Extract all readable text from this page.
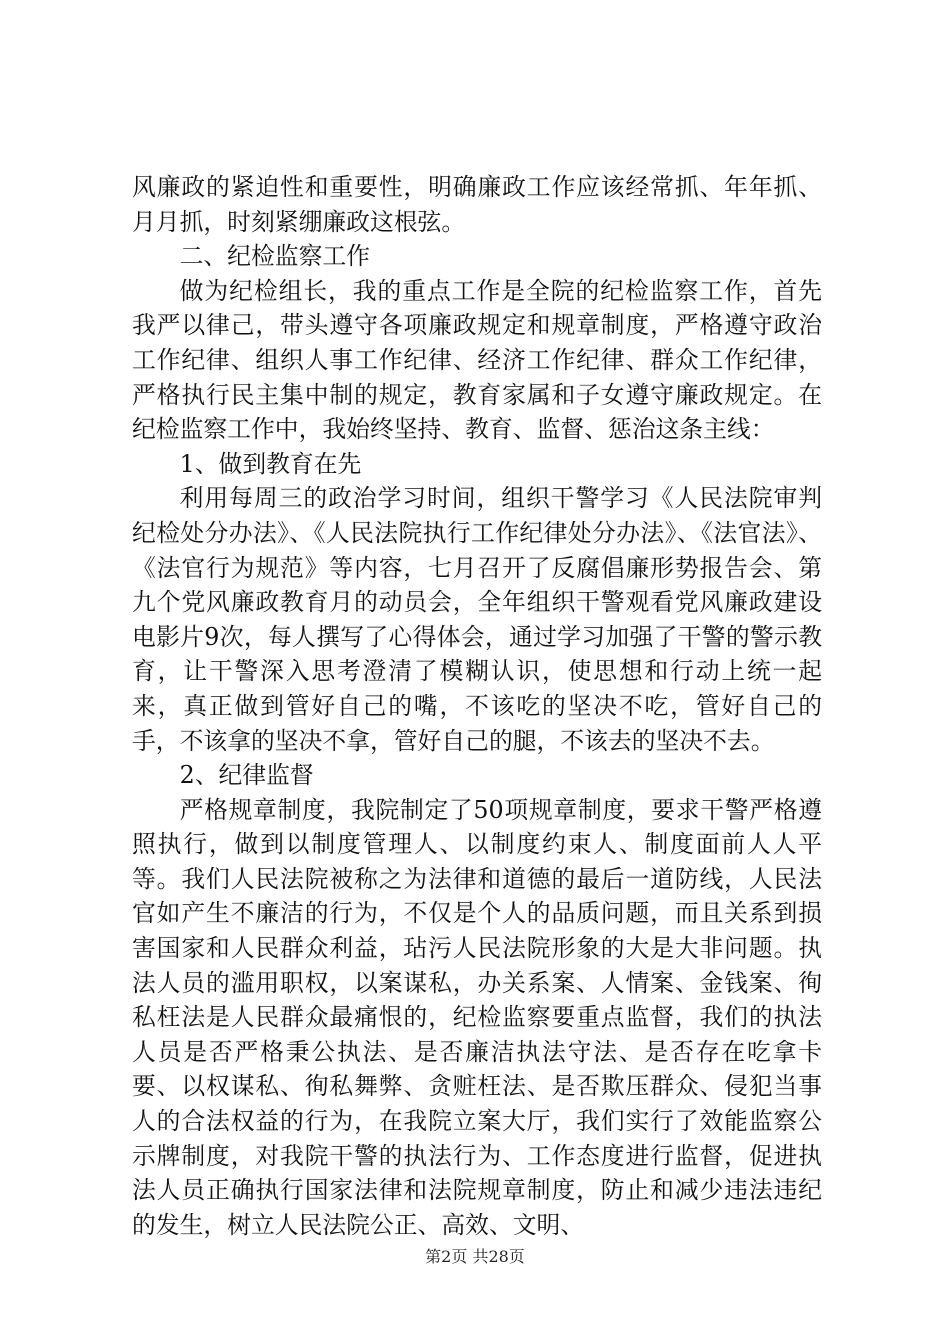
风廉政的紧迫性和重要性，明确廉政工作应该经常抓、年年抓、月月抓，时刻紧绷廉政这根弦。

二、纪检监察工作

做为纪检组长，我的重点工作是全院的纪检监察工作，首先我严以律己，带头遵守各项廉政规定和规章制度，严格遵守政治工作纪律、组织人事工作纪律、经济工作纪律、群众工作纪律，严格执行民主集中制的规定，教育家属和子女遵守廉政规定。在纪检监察工作中，我始终坚持、教育、监督、惩治这条主线：

1、做到教育在先

利用每周三的政治学习时间，组织干警学习《人民法院审判纪检处分办法》、《人民法院执行工作纪律处分办法》、《法官法》、《法官行为规范》等内容，七月召开了反腐倡廉形势报告会、第九个党风廉政教育月的动员会，全年组织干警观看党风廉政建设电影片9次，每人撰写了心得体会，通过学习加强了干警的警示教育，让干警深入思考澄清了模糊认识，使思想和行动上统一起来，真正做到管好自己的嘴，不该吃的坚决不吃，管好自己的手，不该拿的坚决不拿，管好自己的腿，不该去的坚决不去。

2、纪律监督

严格规章制度，我院制定了50项规章制度，要求干警严格遵照执行，做到以制度管理人、以制度约束人、制度面前人人平等。我们人民法院被称之为法律和道德的最后一道防线，人民法官如产生不廉洁的行为，不仅是个人的品质问题，而且关系到损害国家和人民群众利益，玷污人民法院形象的大是大非问题。执法人员的滥用职权，以案谋私，办关系案、人情案、金钱案、徇私枉法是人民群众最痛恨的，纪检监察要重点监督，我们的执法人员是否严格秉公执法、是否廉洁执法守法、是否存在吃拿卡要、以权谋私、徇私舞弊、贪赃枉法、是否欺压群众、侵犯当事人的合法权益的行为，在我院立案大厅，我们实行了效能监察公示牌制度，对我院干警的执法行为、工作态度进行监督，促进执法人员正确执行国家法律和法院规章制度，防止和减少违法违纪的发生，树立人民法院公正、高效、文明、

第2页 共28页
